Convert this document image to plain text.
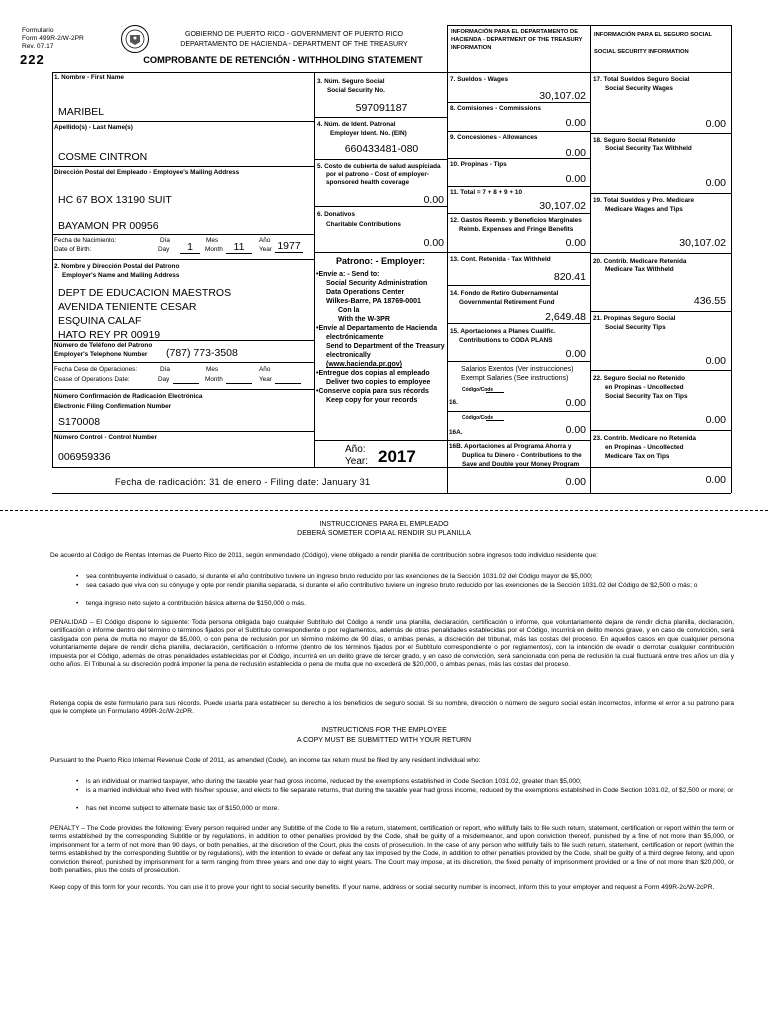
Formulario
Form 499R-2/W-2PR
Rev. 07.17
222
GOBIERNO DE PUERTO RICO - GOVERNMENT OF PUERTO RICO
DEPARTAMENTO DE HACIENDA - DEPARTMENT OF THE TREASURY
COMPROBANTE DE RETENCIÓN - WITHHOLDING STATEMENT
INFORMACIÓN PARA EL DEPARTAMENTO DE HACIENDA - DEPARTMENT OF THE TREASURY INFORMATION
INFORMACIÓN PARA EL SEGURO SOCIAL
SOCIAL SECURITY INFORMATION
1. Nombre - First Name
MARIBEL
Apellido(s) - Last Name(s)
COSME CINTRON
Dirección Postal del Empleado - Employee's Mailing Address
HC 67 BOX 13190 SUIT
BAYAMON PR 00956
Fecha de Nacimiento:
Date of Birth:
Día
Day	1
Mes
Month	11
Año
Year 1977
2. Nombre y Dirección Postal del Patrono
Employer's Name and Mailing Address
DEPT DE EDUCACION MAESTROS
AVENIDA TENIENTE CESAR
ESQUINA CALAF
HATO REY PR 00919
Número de Teléfono del Patrono
Employer's Telephone Number (787) 773-3508
Fecha Cese de Operaciones:
Cease of Operations Date:
Día
Day
Mes
Month
Año
Year
Número Confirmación de Radicación Electrónica
Electronic Filing Confirmation Number
S170008
Número Control - Control Number
006959336
3. Núm. Seguro Social
Social Security No.
597091187
4. Núm. de Ident. Patronal
Employer Ident. No. (EIN)
660433481-080
5. Costo de cubierta de salud auspiciada
por el patrono - Cost of employer-
sponsored health coverage
0.00
6. Donativos
Charitable Contributions
0.00
Patrono: - Employer:
•Envíe a: - Send to:
Social Security Administration
Data Operations Center
Wilkes-Barre, PA 18769-0001
Con la
With the W-3PR
•Envíe al Departamento de Hacienda
electrónicamente
Send to Department of the Treasury
electronically
(www.hacienda.pr.gov)
•Entregue dos copias al empleado
Deliver two copies to employee
•Conserve copia para sus récords
Keep copy for your records
Año:
Year: 2017
7. Sueldos - Wages
30,107.02
8. Comisiones - Commissions
0.00
9. Concesiones - Allowances
0.00
10. Propinas - Tips
0.00
11. Total = 7 + 8 + 9 + 10
30,107.02
12. Gastos Reemb. y Beneficios Marginales
Reimb. Expenses and Fringe Benefits
0.00
13. Cont. Retenida - Tax Withheld
820.41
14. Fondo de Retiro Gubernamental
Governmental Retirement Fund
2,649.48
15. Aportaciones a Planes Cualific.
Contributions to CODA PLANS
0.00
Salarios Exentos (Ver instrucciones)
Exempt Salaries (See instructions)
Código/Code
16.	0.00
Código/Code
16A.	0.00
16B. Aportaciones al Programa Ahorra y
Duplica tu Dinero - Contributions to the
Save and Double your Money Program
0.00
17. Total Sueldos Seguro Social
Social Security Wages
0.00
18. Seguro Social Retenido
Social Security Tax Withheld
0.00
19. Total Sueldos y Pro. Medicare
Medicare Wages and Tips
30,107.02
20. Contrib. Medicare Retenida
Medicare Tax Withheld
436.55
21. Propinas Seguro Social
Social Security Tips
0.00
22. Seguro Social no Retenido
en Propinas - Uncollected
Social Security Tax on Tips
0.00
23. Contrib. Medicare no Retenida
en Propinas - Uncollected
Medicare Tax on Tips
0.00
Fecha de radicación: 31 de enero - Filing date: January 31
INSTRUCCIONES PARA EL EMPLEADO
DEBERÁ SOMETER COPIA AL RENDIR SU PLANILLA
De acuerdo al Código de Rentas Internas de Puerto Rico de 2011, según enmendado (Código), viene obligado a rendir planilla de contribución sobre ingresos todo individuo residente que:
• sea contribuyente individual o casado, si durante el año contributivo tuviere un ingreso bruto reducido por las exenciones de la Sección 1031.02 del Código mayor de $5,000;
• sea casado que viva con su cónyuge y opte por rendir planilla separada, si durante el año contributivo tuviere un ingreso bruto reducido por las exenciones de la Sección 1031.02 del Código de $2,500 o más; o
• tenga ingreso neto sujeto a contribución básica alterna de $150,000 o más.
PENALIDAD – El Código dispone lo siguiente: Toda persona obligada bajo cualquier Subtítulo del Código a rendir una planilla, declaración, certificación o informe, que voluntariamente dejare de rendir dicha planilla, declaración, certificación o informe dentro del término o términos fijados por el Subtítulo correspondiente o por reglamentos, además de otras penalidades establecidas por el Código, incurrirá en delito menos grave, y en caso de convicción, será castigada con pena de multa no mayor de $5,000, o con pena de reclusión por un término máximo de 90 días, o ambas penas, a discreción del tribunal, más las costas del proceso. En aquellos casos en que cualquier persona voluntariamente dejare de rendir dicha planilla, declaración, certificación o informe (dentro de los términos fijados por el Subtítulo correspondiente o por reglamentos), con la intención de evadir o derrotar cualquier contribución impuesta por el Código, además de otras penalidades establecidas por el Código, incurrirá en un delito grave de tercer grado, y en caso de convicción, será sancionada con pena de reclusión la cual fluctuará entre tres años un día y ocho años. El Tribunal a su discreción podrá imponer la pena de reclusión establecida o pena de multa que no excederá de $20,000, o ambas penas, más las costas del proceso.
Retenga copia de este formulario para sus récords. Puede usarla para establecer su derecho a los beneficios de seguro social. Si su nombre, dirección o número de seguro social están incorrectos, informe el error a su patrono para que le complete un Formulario 499R-2c/W-2cPR.
INSTRUCTIONS FOR THE EMPLOYEE
A COPY MUST BE SUBMITTED WITH YOUR RETURN
Pursuant to the Puerto Rico Internal Revenue Code of 2011, as amended (Code), an income tax return must be filed by any resident individual who:
• is an individual or married taxpayer, who during the taxable year had gross income, reduced by the exemptions established in Code Section 1031.02, greater than $5,000;
• is a married individual who lived with his/her spouse, and elects to file separate returns, that during the taxable year had gross income, reduced by the exemptions established in Code Section 1031.02, of $2,500 or more; or
• has net income subject to alternate basic tax of $150,000 or more.
PENALTY – The Code provides the following: Every person required under any Subtitle of the Code to file a return, statement, certification or report, who willfully fails to file such return, statement, certification or report within the term or terms established by the corresponding Subtitle or by regulations, in addition to other penalties provided by the Code, shall be guilty of a misdemeanor, and upon conviction thereof, punished by a fine of not more than $5,000, or imprisonment for a term of not more than 90 days, or both penalties, at the discretion of the Court, plus the costs of prosecution. In the case of any person who willfully fails to file such return, statement, certification or report (within the terms established by the corresponding Subtitle or by regulations), with the intention to evade or defeat any tax imposed by the Code, in addition to other penalties provided by the Code, shall be guilty of a third degree felony, and upon conviction thereof, punished by imprisonment for a term ranging from three years and one day to eight years. The Court may impose, at its discretion, the fixed penalty of imprisonment provided or a fine of not more than $20,000, or both penalties, plus the costs of prosecution.
Keep copy of this form for your records. You can use it to prove your right to social security benefits. If your name, address or social security number is incorrect, inform this to your employer and request a Form 499R-2c/W-2cPR.
